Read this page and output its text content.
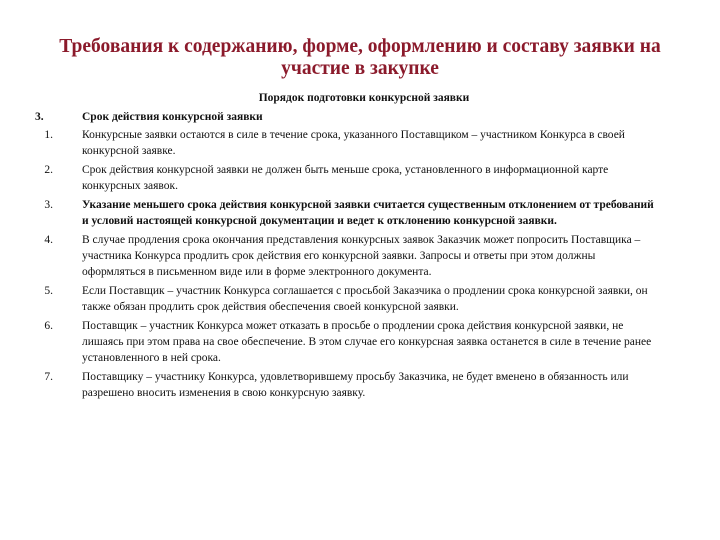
Требования к содержанию, форме, оформлению и составу заявки на участие в закупке
Порядок подготовки конкурсной заявки
3.	Срок действия конкурсной заявки
1.	Конкурсные заявки остаются в силе в течение срока, указанного Поставщиком – участником Конкурса в своей конкурсной заявке.
2.	Срок действия конкурсной заявки не должен быть меньше срока, установленного в информационной карте конкурсных заявок.
3.	Указание меньшего срока действия конкурсной заявки считается существенным отклонением от требований и условий настоящей конкурсной документации и ведет к отклонению конкурсной заявки.
4.	В случае продления срока окончания представления конкурсных заявок Заказчик может попросить Поставщика – участника Конкурса продлить срок действия его конкурсной заявки. Запросы и ответы при этом должны оформляться в письменном виде или в форме электронного документа.
5.	Если Поставщик – участник Конкурса соглашается с просьбой Заказчика о продлении срока конкурсной заявки, он также обязан продлить срок действия обеспечения своей конкурсной заявки.
6.	Поставщик – участник Конкурса может отказать в просьбе о продлении срока действия конкурсной заявки, не лишаясь при этом права на свое обеспечение. В этом случае его конкурсная заявка останется в силе в течение ранее установленного в ней срока.
7.	Поставщику – участнику Конкурса, удовлетворившему просьбу Заказчика, не будет вменено в обязанность или разрешено вносить изменения в свою конкурсную заявку.
